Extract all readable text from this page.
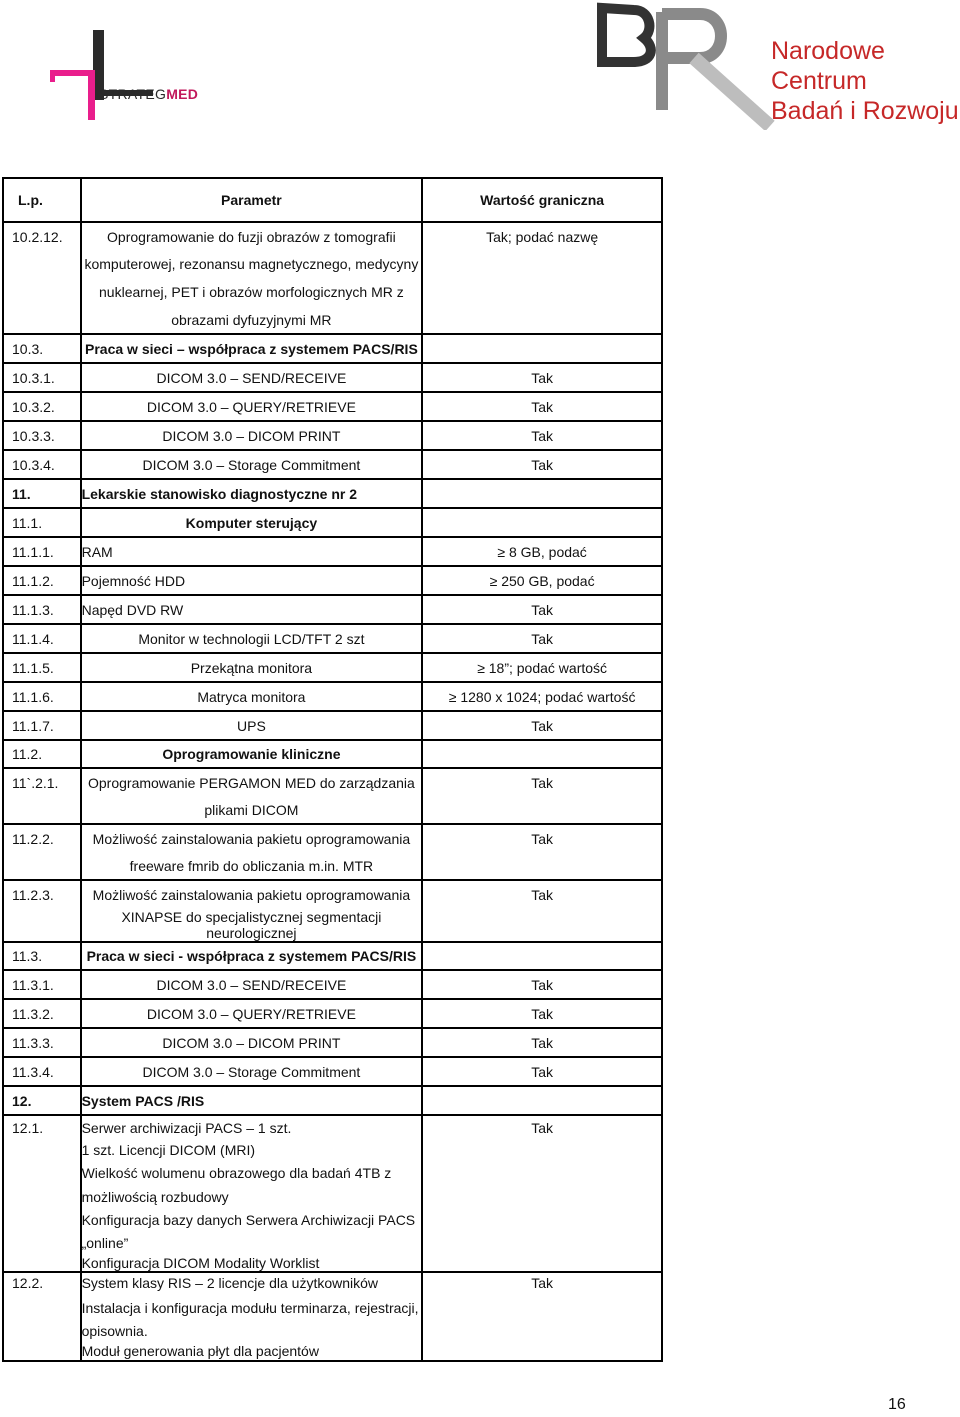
STRATEGMED
Narodowe Centrum
Badań i Rozwoju
L.p.	Parametr	Wartość graniczna
10.2.12.	Oprogramowanie do fuzji obrazów z tomografii	Tak; podać nazwę
	komputerowej, rezonansu magnetycznego, medycyny	
	nuklearnej, PET i obrazów morfologicznych MR z	
	obrazami dyfuzyjnymi MR	
10.3.	Praca w sieci – współpraca z systemem PACS/RIS	
10.3.1.	DICOM 3.0 – SEND/RECEIVE	Tak
10.3.2.	DICOM 3.0 – QUERY/RETRIEVE	Tak
10.3.3.	DICOM 3.0 – DICOM PRINT	Tak
10.3.4.	DICOM 3.0 – Storage Commitment	Tak
11.	Lekarskie stanowisko diagnostyczne nr 2	
11.1.	Komputer sterujący	
11.1.1.	RAM	≥ 8 GB, podać
11.1.2.	Pojemność HDD	≥ 250 GB, podać
11.1.3.	Napęd DVD RW	Tak
11.1.4.	Monitor w technologii LCD/TFT 2 szt	Tak
11.1.5.	Przekątna monitora	≥ 18”; podać wartość
11.1.6.	Matryca monitora	≥ 1280 x 1024; podać wartość
11.1.7.	UPS	Tak
11.2.	Oprogramowanie kliniczne	
11`.2.1.	Oprogramowanie PERGAMON MED do zarządzania	Tak
	plikami DICOM	
11.2.2.	Możliwość zainstalowania pakietu oprogramowania	Tak
	freeware fmrib do obliczania m.in. MTR	
11.2.3.	Możliwość zainstalowania pakietu oprogramowania	Tak
	XINAPSE do specjalistycznej segmentacji neurologicznej	
11.3.	Praca w sieci - współpraca z systemem PACS/RIS	
11.3.1.	DICOM 3.0 – SEND/RECEIVE	Tak
11.3.2.	DICOM 3.0 – QUERY/RETRIEVE	Tak
11.3.3.	DICOM 3.0 – DICOM PRINT	Tak
11.3.4.	DICOM 3.0 – Storage Commitment	Tak
12.	System PACS /RIS	
12.1.	Serwer archiwizacji PACS – 1 szt.	Tak
	1 szt. Licencji DICOM (MRI)	
	Wielkość wolumenu obrazowego dla badań 4TB z	
	możliwością rozbudowy	
	Konfiguracja bazy danych Serwera Archiwizacji PACS	
	„online”	
	Konfiguracja DICOM Modality Worklist	
12.2.	System klasy RIS – 2 licencje dla użytkowników	Tak
	Instalacja i konfiguracja modułu terminarza, rejestracji,	
	opisownia.	
	Moduł generowania płyt dla pacjentów	
16
